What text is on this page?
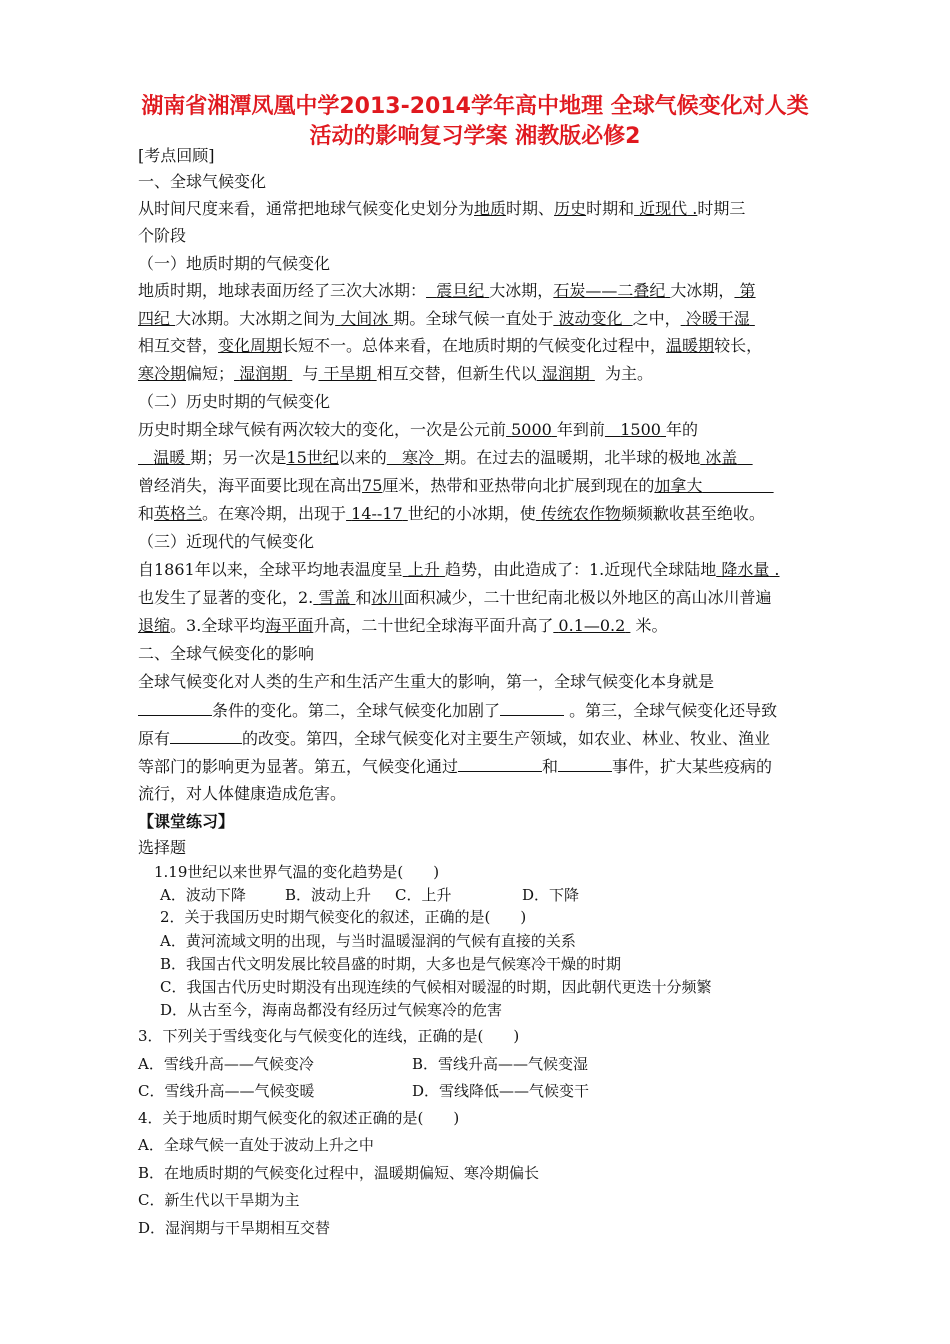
湖南省湘潭凤凰中学2013-2014学年高中地理 全球气候变化对人类
活动的影响复习学案 湘教版必修2
[考点回顾]
一、全球气候变化
从时间尺度来看，通常把地球气候变化史划分为地质时期、历史时期和 近现代 .时期三
个阶段
（一）地质时期的气候变化
地质时期，地球表面历经了三次大冰期： 震旦纪 大冰期，石炭——二叠纪 大冰期， 第
四纪 大冰期。大冰期之间为 大间冰 期。全球气候一直处于 波动变化 之中， 冷暖干湿
相互交替，变化周期长短不一。总体来看，在地质时期的气候变化过程中，温暖期较长，
寒冷期偏短； 湿润期 与 干旱期 相互交替，但新生代以 湿润期 为主。
（二）历史时期的气候变化
历史时期全球气候有两次较大的变化，一次是公元前 5000 年到前 1500 年的
温暖 期；另一次是15世纪以来的 寒冷 期。在过去的温暖期，北半球的极地 冰盖
曾经消失，海平面要比现在高出75厘米，热带和亚热带向北扩展到现在的加拿大
和英格兰。在寒冷期，出现于 14--17 世纪的小冰期，使 传统农作物频频歉收甚至绝收。
（三）近现代的气候变化
自1861年以来，全球平均地表温度呈 上升 趋势，由此造成了：1.近现代全球陆地 降水量 .
也发生了显著的变化，2. 雪盖 和冰川面积减少，二十世纪南北极以外地区的高山冰川普遍
退缩。3.全球平均海平面升高，二十世纪全球海平面升高了 0.1—0.2 米。
二、全球气候变化的影响
全球气候变化对人类的生产和生活产生重大的影响，第一，全球气候变化本身就是
条件的变化。第二，全球气候变化加剧了	。第三，全球气候变化还导致
原有	的改变。第四，全球气候变化对主要生产领域，如农业、林业、牧业、渔业
等部门的影响更为显著。第五，气候变化通过	和	事件，扩大某些疫病的
流行，对人体健康造成危害。
【课堂练习】
选择题
1.19世纪以来世界气温的变化趋势是(　　)
A．波动下降	B．波动上升 C．上升	D．下降
2．关于我国历史时期气候变化的叙述，正确的是(　　)
A．黄河流域文明的出现，与当时温暖湿润的气候有直接的关系
B．我国古代文明发展比较昌盛的时期，大多也是气候寒冷干燥的时期
C．我国古代历史时期没有出现连续的气候相对暖湿的时期，因此朝代更迭十分频繁
D．从古至今，海南岛都没有经历过气候寒冷的危害
3．下列关于雪线变化与气候变化的连线，正确的是(　　)
A．雪线升高——气候变冷	B．雪线升高——气候变湿
C．雪线升高——气候变暖	D．雪线降低——气候变干
4．关于地质时期气候变化的叙述正确的是(　　)
A．全球气候一直处于波动上升之中
B．在地质时期的气候变化过程中，温暖期偏短、寒冷期偏长
C．新生代以干旱期为主
D．湿润期与干旱期相互交替
